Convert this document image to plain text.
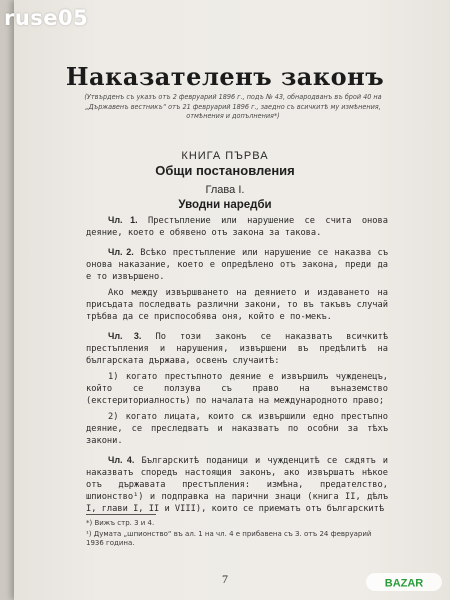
ruse05
Наказателенъ законъ
(Утвърденъ съ указъ отъ 2 февруарий 1896 г., подъ № 43, обнародванъ въ брой 40 на „Държавенъ вестникъ“ отъ 21 февруарий 1896 г., заедно съ всичкитѣ му измѣнения, отмѣнения и допълнения*)
КНИГА ПЪРВА
Общи постановления
Глава I.
Уводни наредби

Чл. 1. Престъпление или нарушение се счита онова деяние, което е обявено отъ закона за такова.

Чл. 2. Всѣко престъпление или нарушение се наказва съ онова наказание, което е опредѣлено отъ закона, преди да е то извършено.

Ако между извършването на деянието и издаването на присъдата последвать различни закони, то въ такъвъ случай трѣбва да се приспособява оня, който е по-мекъ.

Чл. 3. По този законъ се наказватъ всичкитѣ престъпления и нарушения, извършени въ предѣлитѣ на българската държава, освенъ случаитѣ:

1) когато престъпното деяние е извършилъ чужденецъ, който се ползува съ право на въназемство (екстериториалность) по началата на международното право;

2) когато лицата, които сѫ извършили едно престъпно деяние, се преследватъ и наказватъ по особни за тѣхъ закони.

Чл. 4. Българскитѣ поданици и чужденцитѣ се сѫдятъ и наказватъ споредъ настоящия законъ, ако извършатъ нѣкое отъ държавата престъпления: измѣна, предателство, шпионство¹) и подправка на парични знаци (книга II, дѣлъ I, глави I, II и VIII), които се приематъ отъ българскитѣ

*) Вижъ стр. 3 и 4.

¹) Думата „шпионство“ въ ал. 1 на чл. 4 е прибавена съ З. отъ 24 февруарий 1936 година.

7	BAZAR
